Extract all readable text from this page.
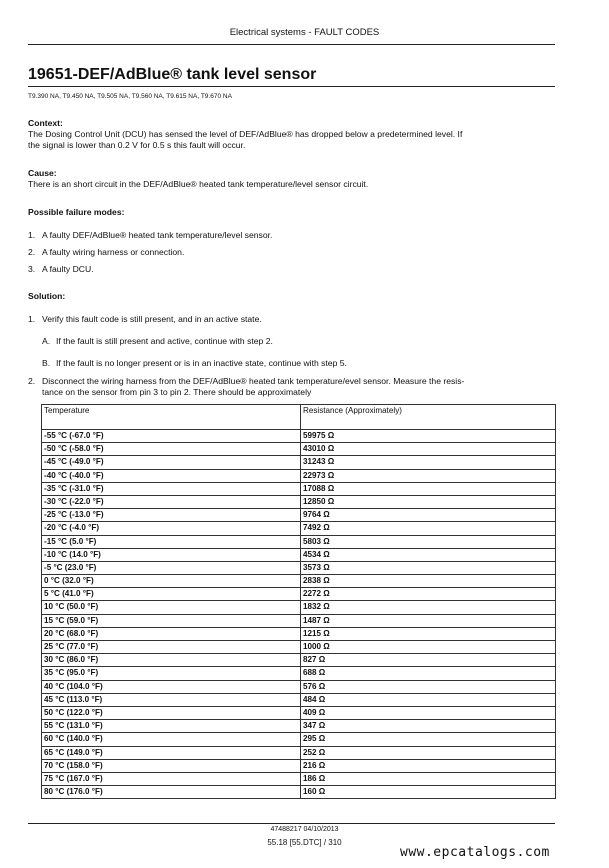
Electrical systems - FAULT CODES
19651-DEF/AdBlue® tank level sensor
T9.390 NA, T9.450 NA, T9.505 NA, T9.560 NA, T9.615 NA, T9.670 NA
Context:
The Dosing Control Unit (DCU) has sensed the level of DEF/AdBlue® has dropped below a predetermined level. If
the signal is lower than 0.2 V for 0.5 s this fault will occur.
Cause:
There is an short circuit in the DEF/AdBlue® heated tank temperature/level sensor circuit.
Possible failure modes:
1. A faulty DEF/AdBlue® heated tank temperature/level sensor.
2. A faulty wiring harness or connection.
3. A faulty DCU.
Solution:
1. Verify this fault code is still present, and in an active state.
A. If the fault is still present and active, continue with step 2.
B. If the fault is no longer present or is in an inactive state, continue with step 5.
2. Disconnect the wiring harness from the DEF/AdBlue® heated tank temperature/evel sensor. Measure the resis-
tance on the sensor from pin 3 to pin 2. There should be approximately
Temperature	Resistance (Approximately)
-55 °C (-67.0 °F)	59975 Ω
-50 °C (-58.0 °F)	43010 Ω
-45 °C (-49.0 °F)	31243 Ω
-40 °C (-40.0 °F)	22973 Ω
-35 °C (-31.0 °F)	17088 Ω
-30 °C (-22.0 °F)	12850 Ω
-25 °C (-13.0 °F)	9764 Ω
-20 °C (-4.0 °F)	7492 Ω
-15 °C (5.0 °F)	5803 Ω
-10 °C (14.0 °F)	4534 Ω
-5 °C (23.0 °F)	3573 Ω
0 °C (32.0 °F)	2838 Ω
5 °C (41.0 °F)	2272 Ω
10 °C (50.0 °F)	1832 Ω
15 °C (59.0 °F)	1487 Ω
20 °C (68.0 °F)	1215 Ω
25 °C (77.0 °F)	1000 Ω
30 °C (86.0 °F)	827 Ω
35 °C (95.0 °F)	688 Ω
40 °C (104.0 °F)	576 Ω
45 °C (113.0 °F)	484 Ω
50 °C (122.0 °F)	409 Ω
55 °C (131.0 °F)	347 Ω
60 °C (140.0 °F)	295 Ω
65 °C (149.0 °F)	252 Ω
70 °C (158.0 °F)	216 Ω
75 °C (167.0 °F)	186 Ω
80 °C (176.0 °F)	160 Ω
47488217 04/10/2013
55.18 [55.DTC] / 310
www.epcatalogs.com
